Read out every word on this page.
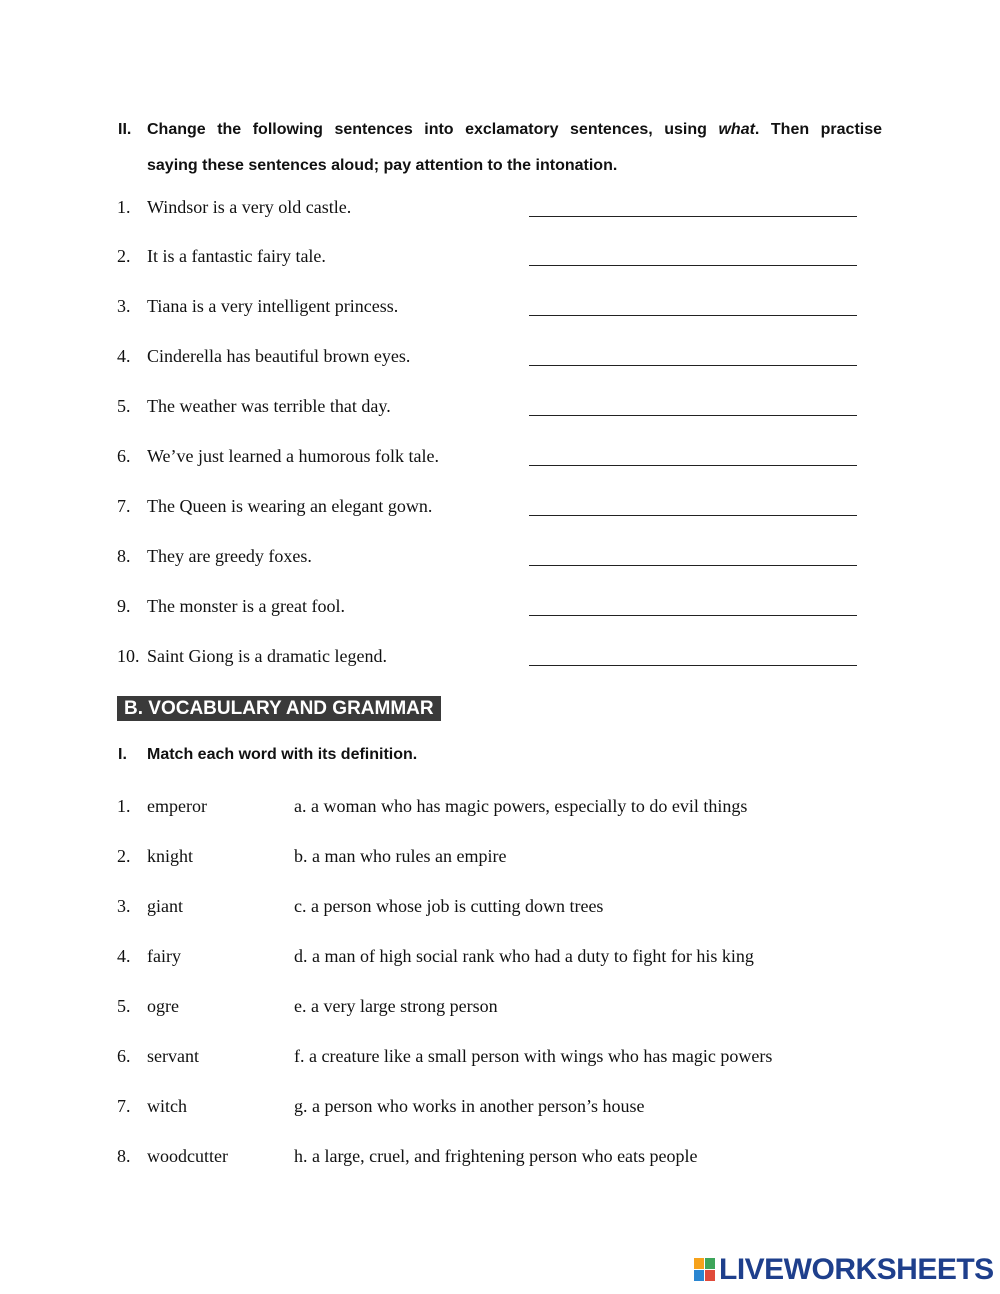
II. Change the following sentences into exclamatory sentences, using what. Then practise
saying these sentences aloud; pay attention to the intonation.
1. Windsor is a very old castle.
2. It is a fantastic fairy tale.
3. Tiana is a very intelligent princess.
4. Cinderella has beautiful brown eyes.
5. The weather was terrible that day.
6. We’ve just learned a humorous folk tale.
7. The Queen is wearing an elegant gown.
8. They are greedy foxes.
9. The monster is a great fool.
10. Saint Giong is a dramatic legend.
B. VOCABULARY AND GRAMMAR
I. Match each word with its definition.
1. emperor	a. a woman who has magic powers, especially to do evil things
2. knight	b. a man who rules an empire
3. giant	c. a person whose job is cutting down trees
4. fairy	d. a man of high social rank who had a duty to fight for his king
5. ogre	e. a very large strong person
6. servant	f. a creature like a small person with wings who has magic powers
7. witch	g. a person who works in another person’s house
8. woodcutter	h. a large, cruel, and frightening person who eats people
LIVEWORKSHEETS
